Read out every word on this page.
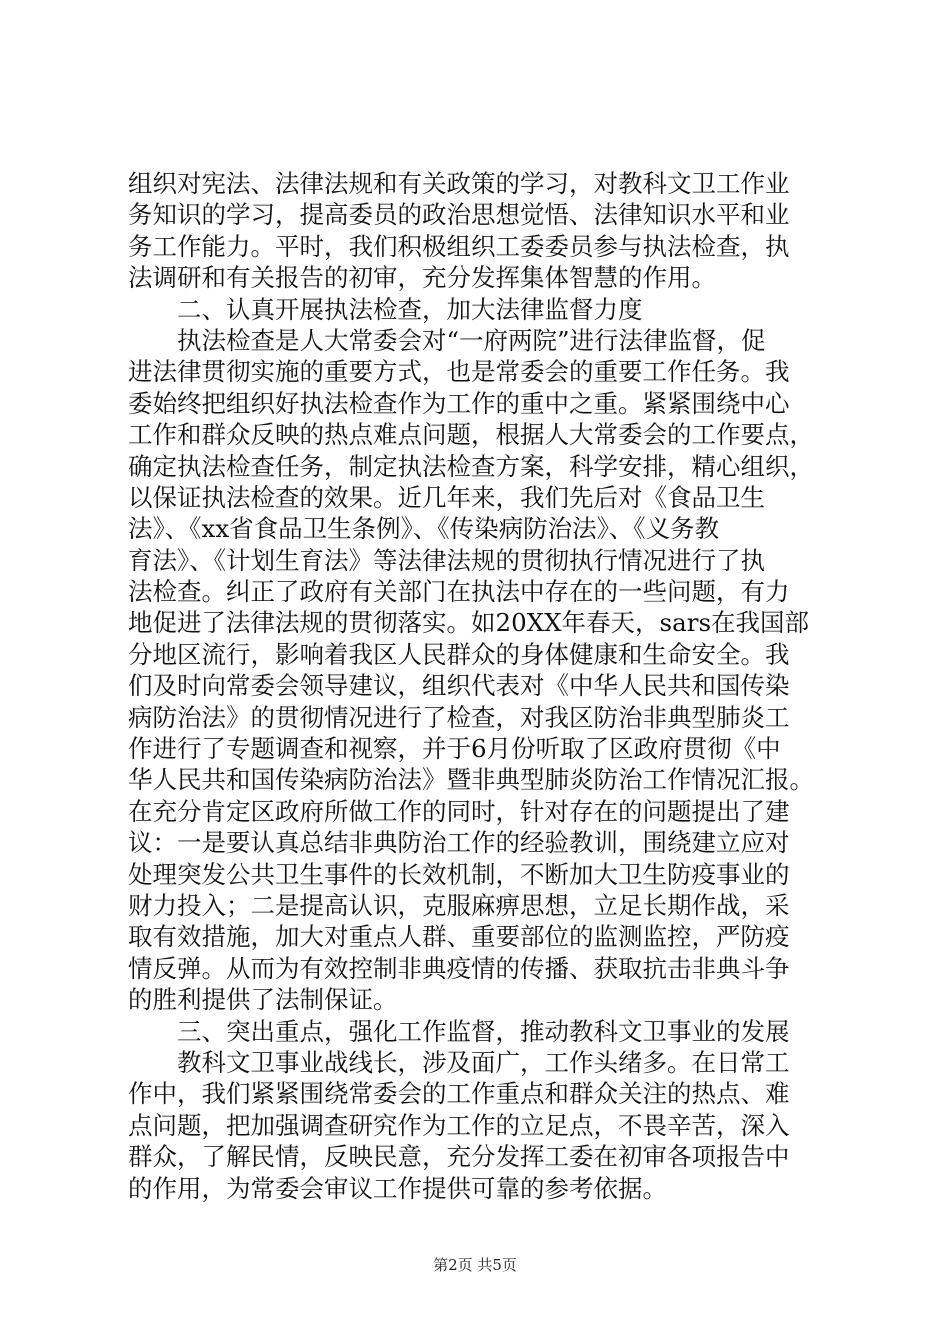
组织对宪法、法律法规和有关政策的学习，对教科文卫工作业
务知识的学习，提高委员的政治思想觉悟、法律知识水平和业
务工作能力。平时，我们积极组织工委委员参与执法检查，执
法调研和有关报告的初审，充分发挥集体智慧的作用。
　　二、认真开展执法检查，加大法律监督力度
　　执法检查是人大常委会对“一府两院”进行法律监督，促
进法律贯彻实施的重要方式，也是常委会的重要工作任务。我
委始终把组织好执法检查作为工作的重中之重。紧紧围绕中心
工作和群众反映的热点难点问题，根据人大常委会的工作要点，
确定执法检查任务，制定执法检查方案，科学安排，精心组织，
以保证执法检查的效果。近几年来，我们先后对《食品卫生
法》、《xx省食品卫生条例》、《传染病防治法》、《义务教
育法》、《计划生育法》等法律法规的贯彻执行情况进行了执
法检查。纠正了政府有关部门在执法中存在的一些问题，有力
地促进了法律法规的贯彻落实。如20XX年春天，sars在我国部
分地区流行，影响着我区人民群众的身体健康和生命安全。我
们及时向常委会领导建议，组织代表对《中华人民共和国传染
病防治法》的贯彻情况进行了检查，对我区防治非典型肺炎工
作进行了专题调查和视察，并于6月份听取了区政府贯彻《中
华人民共和国传染病防治法》暨非典型肺炎防治工作情况汇报。
在充分肯定区政府所做工作的同时，针对存在的问题提出了建
议：一是要认真总结非典防治工作的经验教训，围绕建立应对
处理突发公共卫生事件的长效机制，不断加大卫生防疫事业的
财力投入；二是提高认识，克服麻痹思想，立足长期作战，采
取有效措施，加大对重点人群、重要部位的监测监控，严防疫
情反弹。从而为有效控制非典疫情的传播、获取抗击非典斗争
的胜利提供了法制保证。
　　三、突出重点，强化工作监督，推动教科文卫事业的发展
　　教科文卫事业战线长，涉及面广，工作头绪多。在日常工
作中，我们紧紧围绕常委会的工作重点和群众关注的热点、难
点问题，把加强调查研究作为工作的立足点，不畏辛苦，深入
群众，了解民情，反映民意，充分发挥工委在初审各项报告中
的作用，为常委会审议工作提供可靠的参考依据。
第2页 共5页
